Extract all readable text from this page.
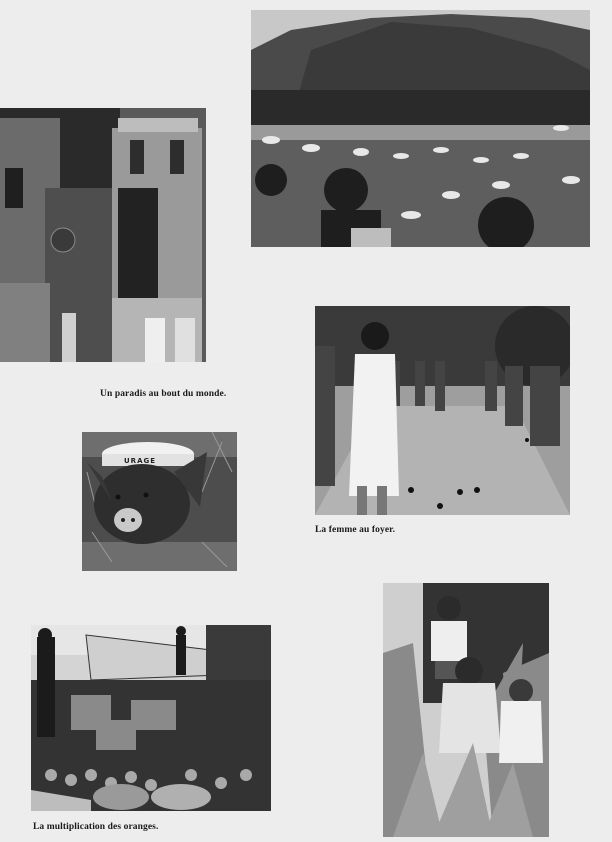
Un paradis au bout du monde.
URAGE
La femme au foyer.
La multiplication des oranges.
